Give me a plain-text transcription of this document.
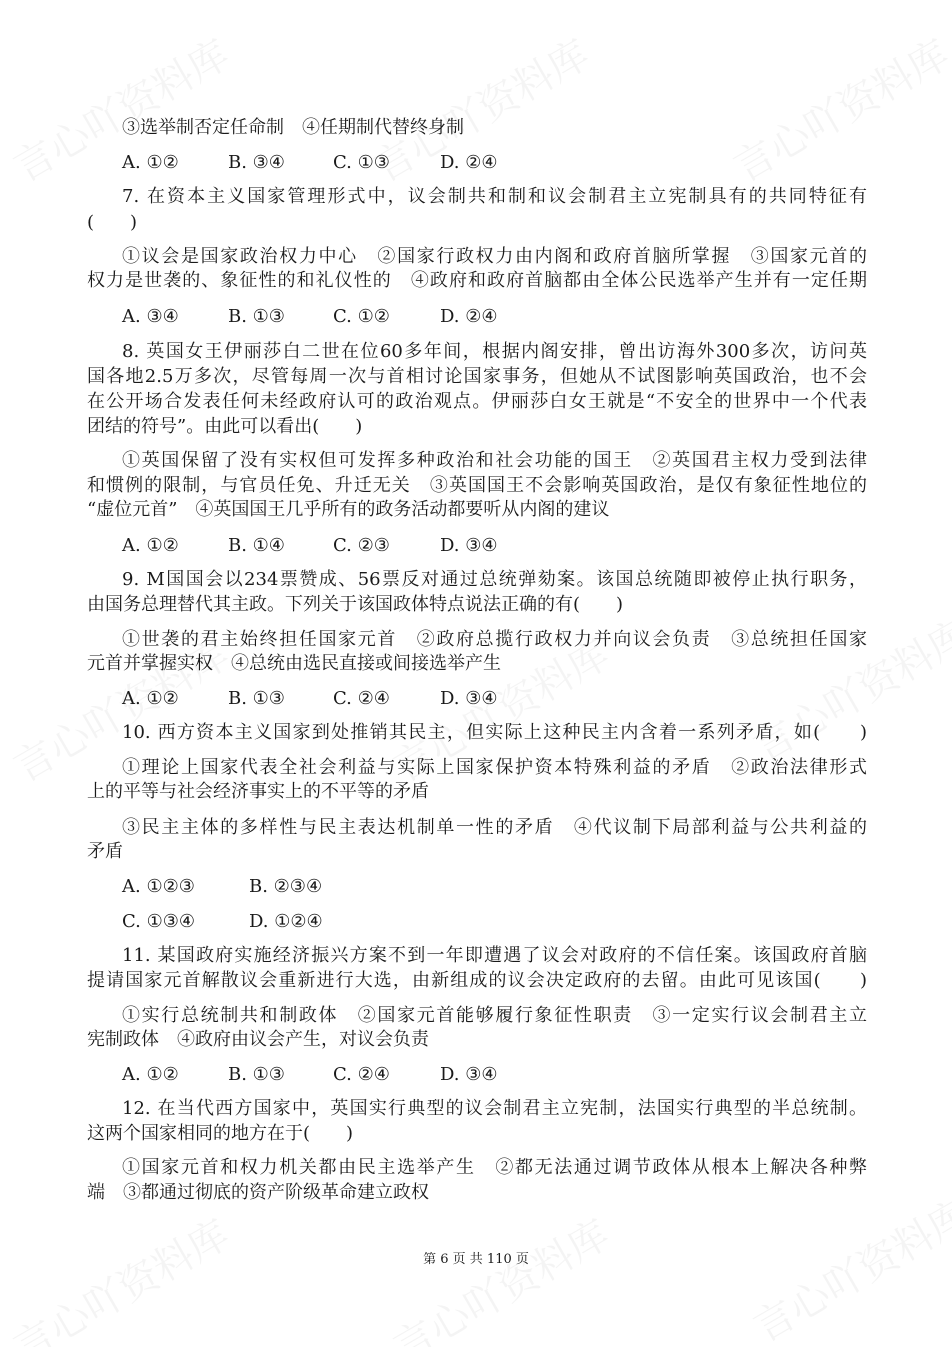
③选举制否定任命制　④任期制代替终身制
A. ①②	B. ③④	C. ①③	D. ②④
7. 在资本主义国家管理形式中，议会制共和制和议会制君主立宪制具有的共同特征有
(　　)
①议会是国家政治权力中心　②国家行政权力由内阁和政府首脑所掌握　③国家元首的
权力是世袭的、象征性的和礼仪性的　④政府和政府首脑都由全体公民选举产生并有一定任期
A. ③④	B. ①③	C. ①②	D. ②④
8. 英国女王伊丽莎白二世在位60多年间，根据内阁安排，曾出访海外300多次，访问英
国各地2.5万多次，尽管每周一次与首相讨论国家事务，但她从不试图影响英国政治，也不会
在公开场合发表任何未经政府认可的政治观点。伊丽莎白女王就是“不安全的世界中一个代表
团结的符号”。由此可以看出(　　)
①英国保留了没有实权但可发挥多种政治和社会功能的国王　②英国君主权力受到法律
和惯例的限制，与官员任免、升迁无关　③英国国王不会影响英国政治，是仅有象征性地位的
“虚位元首”　④英国国王几乎所有的政务活动都要听从内阁的建议
A. ①②	B. ①④	C. ②③	D. ③④
9. M国国会以234票赞成、56票反对通过总统弹劾案。该国总统随即被停止执行职务，
由国务总理替代其主政。下列关于该国政体特点说法正确的有(　　)
①世袭的君主始终担任国家元首　②政府总揽行政权力并向议会负责　③总统担任国家
元首并掌握实权　④总统由选民直接或间接选举产生
A. ①②	B. ①③	C. ②④	D. ③④
10. 西方资本主义国家到处推销其民主，但实际上这种民主内含着一系列矛盾，如(　　)
①理论上国家代表全社会利益与实际上国家保护资本特殊利益的矛盾　②政治法律形式
上的平等与社会经济事实上的不平等的矛盾
③民主主体的多样性与民主表达机制单一性的矛盾　④代议制下局部利益与公共利益的
矛盾
A. ①②③	B. ②③④
C. ①③④	D. ①②④
11. 某国政府实施经济振兴方案不到一年即遭遇了议会对政府的不信任案。该国政府首脑
提请国家元首解散议会重新进行大选，由新组成的议会决定政府的去留。由此可见该国(　　)
①实行总统制共和制政体　②国家元首能够履行象征性职责　③一定实行议会制君主立
宪制政体　④政府由议会产生，对议会负责
A. ①②	B. ①③	C. ②④	D. ③④
12. 在当代西方国家中，英国实行典型的议会制君主立宪制，法国实行典型的半总统制。
这两个国家相同的地方在于(　　)
①国家元首和权力机关都由民主选举产生　②都无法通过调节政体从根本上解决各种弊
端　③都通过彻底的资产阶级革命建立政权
第 6 页 共 110 页
